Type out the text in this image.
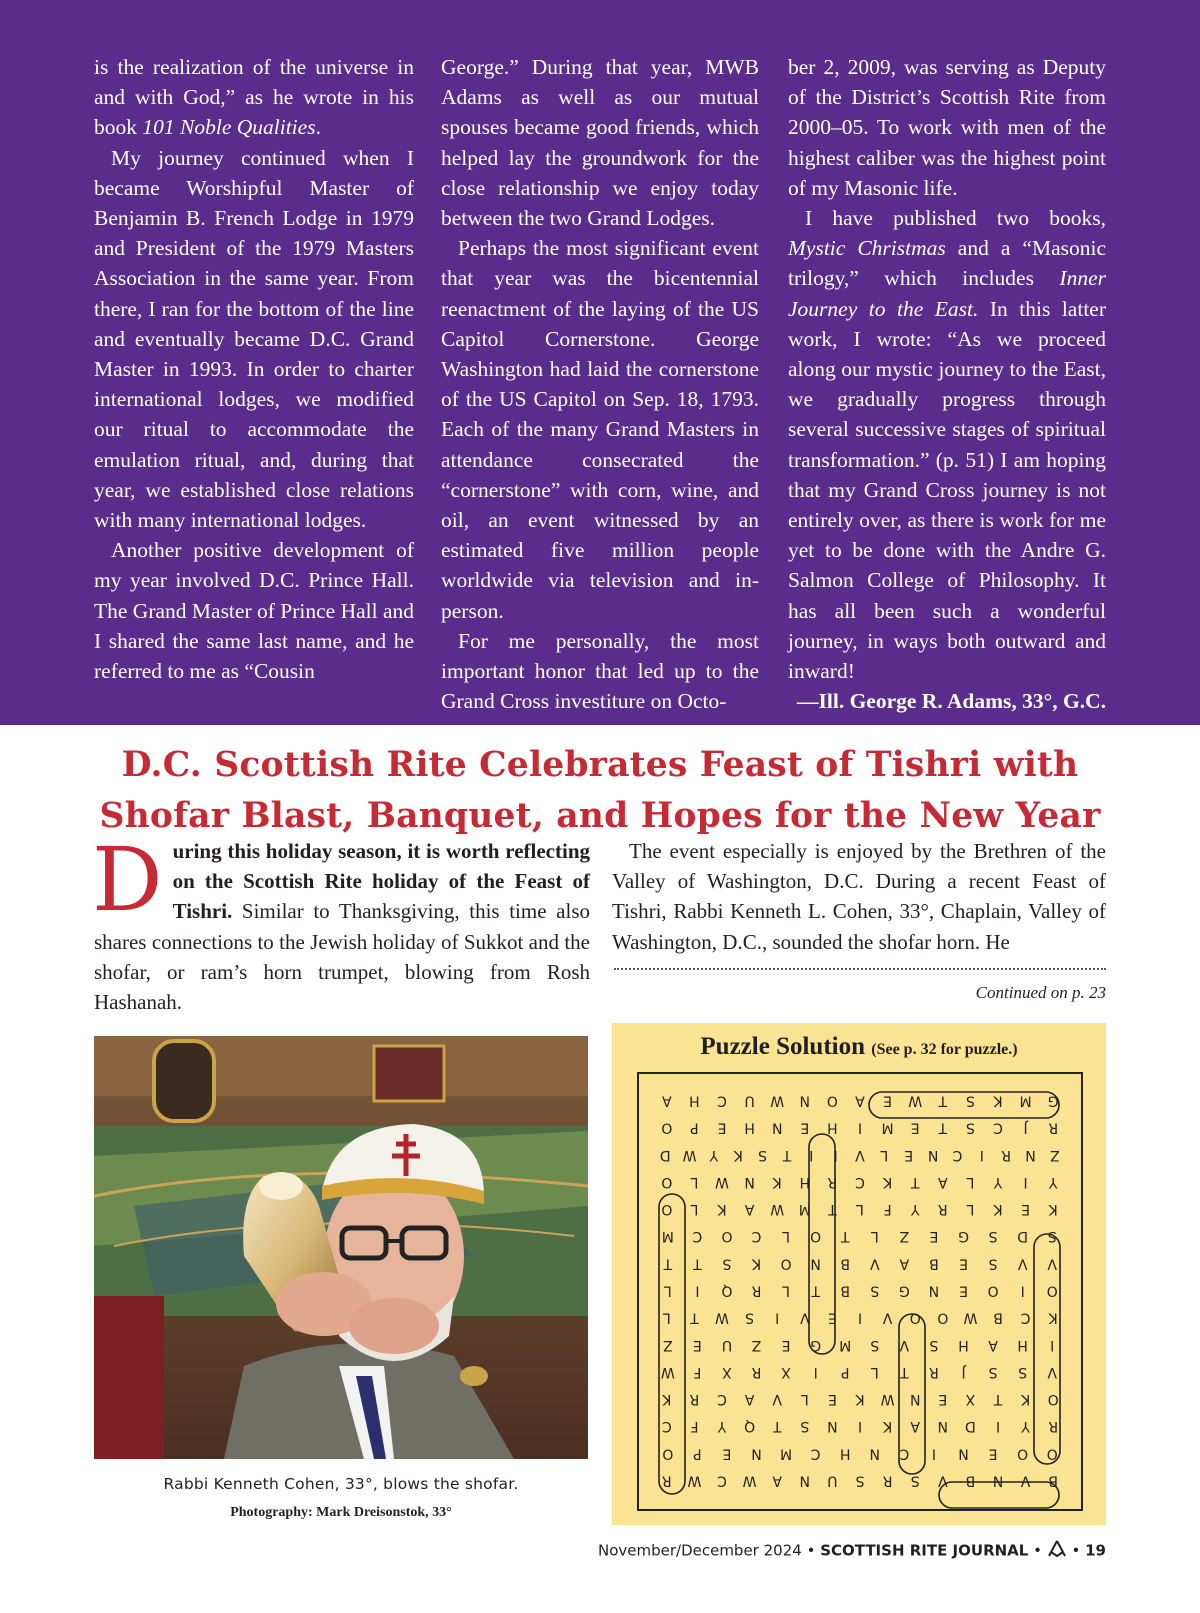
is the realization of the universe in and with God,” as he wrote in his book 101 Noble Qualities.

My journey continued when I became Worshipful Master of Benjamin B. French Lodge in 1979 and President of the 1979 Masters Association in the same year. From there, I ran for the bottom of the line and eventually became D.C. Grand Master in 1993. In order to charter international lodges, we modified our ritual to accommodate the emulation ritual, and, during that year, we established close relations with many international lodges.

Another positive development of my year involved D.C. Prince Hall. The Grand Master of Prince Hall and I shared the same last name, and he referred to me as “Cousin

George.” During that year, MWB Adams as well as our mutual spouses became good friends, which helped lay the groundwork for the close relationship we enjoy today between the two Grand Lodges.

Perhaps the most significant event that year was the bicentennial reenactment of the laying of the US Capitol Cornerstone. George Washington had laid the cornerstone of the US Capitol on Sep. 18, 1793. Each of the many Grand Masters in attendance consecrated the “cornerstone” with corn, wine, and oil, an event witnessed by an estimated five million people worldwide via television and in-person.

For me personally, the most important honor that led up to the Grand Cross investiture on Octo-

ber 2, 2009, was serving as Deputy of the District’s Scottish Rite from 2000–05. To work with men of the highest caliber was the highest point of my Masonic life.

I have published two books, Mystic Christmas and a “Masonic trilogy,” which includes Inner Journey to the East. In this latter work, I wrote: “As we proceed along our mystic journey to the East, we gradually progress through several successive stages of spiritual transformation.” (p. 51) I am hoping that my Grand Cross journey is not entirely over, as there is work for me yet to be done with the Andre G. Salmon College of Philosophy. It has all been such a wonderful journey, in ways both outward and inward!

—Ill. George R. Adams, 33°, G.C.

D.C. Scottish Rite Celebrates Feast of Tishri with
Shofar Blast, Banquet, and Hopes for the New Year
D uring this holiday season, it is worth reflecting on the Scottish Rite holiday of the Feast of Tishri. Similar to Thanksgiving, this time also shares connections to the Jewish holiday of Sukkot and the shofar, or ram’s horn trumpet, blowing from Rosh Hashanah.

The event especially is enjoyed by the Brethren of the Valley of Washington, D.C. During a recent Feast of Tishri, Rabbi Kenneth L. Cohen, 33°, Chaplain, Valley of Washington, D.C., sounded the shofar horn. He

Continued on p. 23
Rabbi Kenneth Cohen, 33°, blows the shofar.
Photography: Mark Dreisonstok, 33°
Puzzle Solution (See p. 32 for puzzle.)
B
V
N
B
V
S
R
S
U
N
A
W
C
W
R
O
O
E
N
I
C
N
H
C
M
N
E
P
O
R
Y
I
D
N
A
K
I
N
S
T
Q
Y
F
C
O
K
T
X
E
N
W
K
E
L
V
A
C
R
K
V
S
S
J
R
T
L
P
I
X
R
X
F
W
I
H
A
H
S
V
S
M
G
E
Z
U
E
Z
K
C
B
W
O
O
V
I
E
V
I
S
W
T
L
O
I
O
E
N
G
S
B
T
L
R
Q
I
L
V
V
S
E
B
A
V
B
N
O
K
S
T
T
S
D
S
G
E
Z
L
T
O
L
C
O
C
M
K
E
K
L
R
Y
F
L
T
M
W
A
K
L
O
Y
I
Y
L
A
T
K
C
R
H
K
N
W
L
O
Z
N
R
I
C
N
E
L
V
I
I
T
S
K
Y
W
D
R
J
C
S
T
E
M
I
H
E
N
H
E
P
O
G
M
K
S
T
W
E
A
O
N
W
U
C
H
A
November/December 2024 • SCOTTISH RITE JOURNAL •  • 19
